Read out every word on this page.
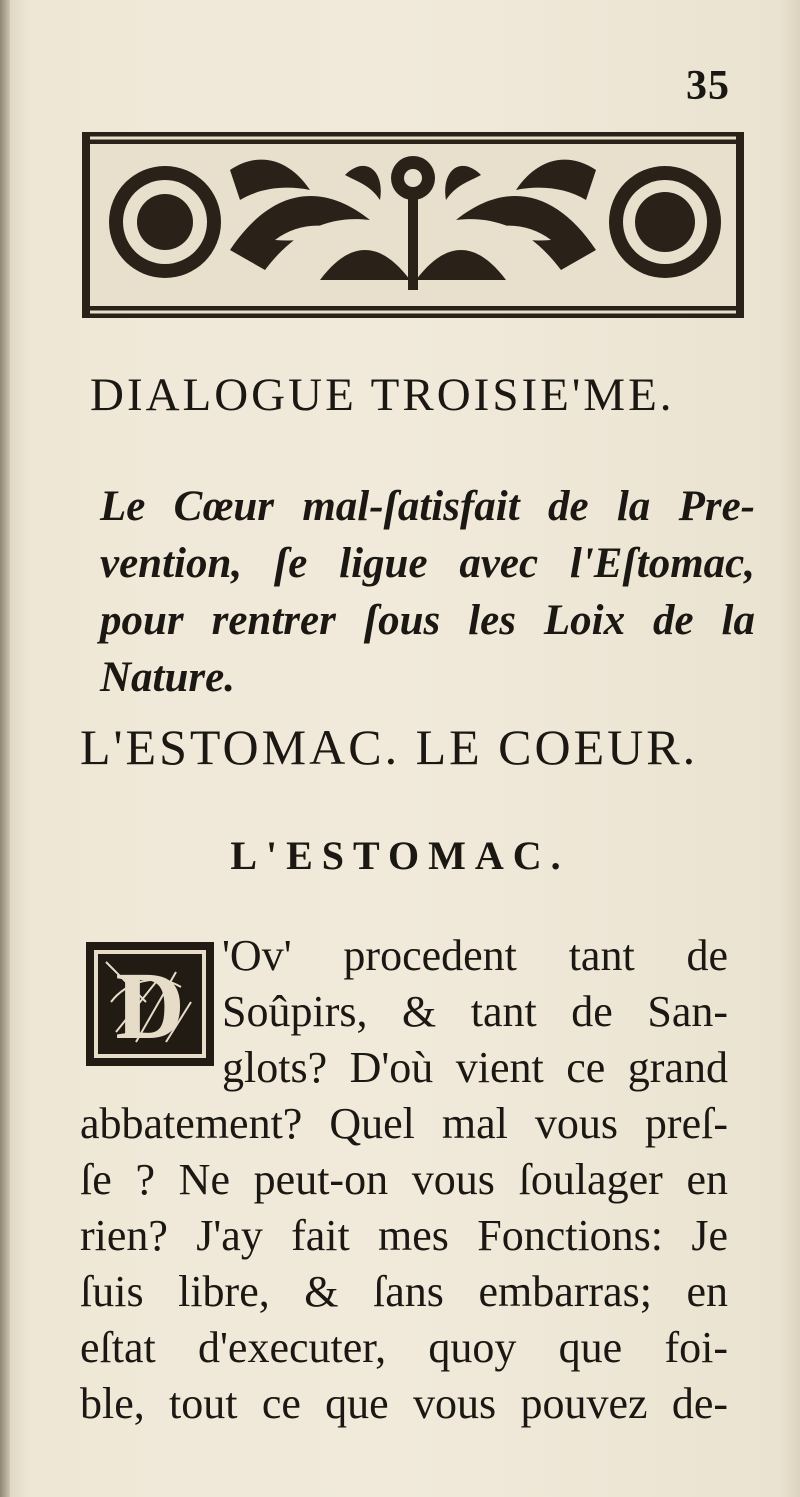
35
DIALOGUE TROISIE'ME.
Le Cœur mal-ſatisfait de la Pre-
vention, ſe ligue avec l'Eſtomac,
pour rentrer ſous les Loix de la
Nature.
L'ESTOMAC. LE COEUR.
L'ESTOMAC.
D 'Ov' procedent tant de
Soûpirs, & tant de San-
glots? D'où vient ce grand
abbatement? Quel mal vous preſ-
ſe ? Ne peut-on vous ſoulager en
rien? J'ay fait mes Fonctions: Je
ſuis libre, & ſans embarras; en
eſtat d'executer, quoy que foi-
ble, tout ce que vous pouvez de-
